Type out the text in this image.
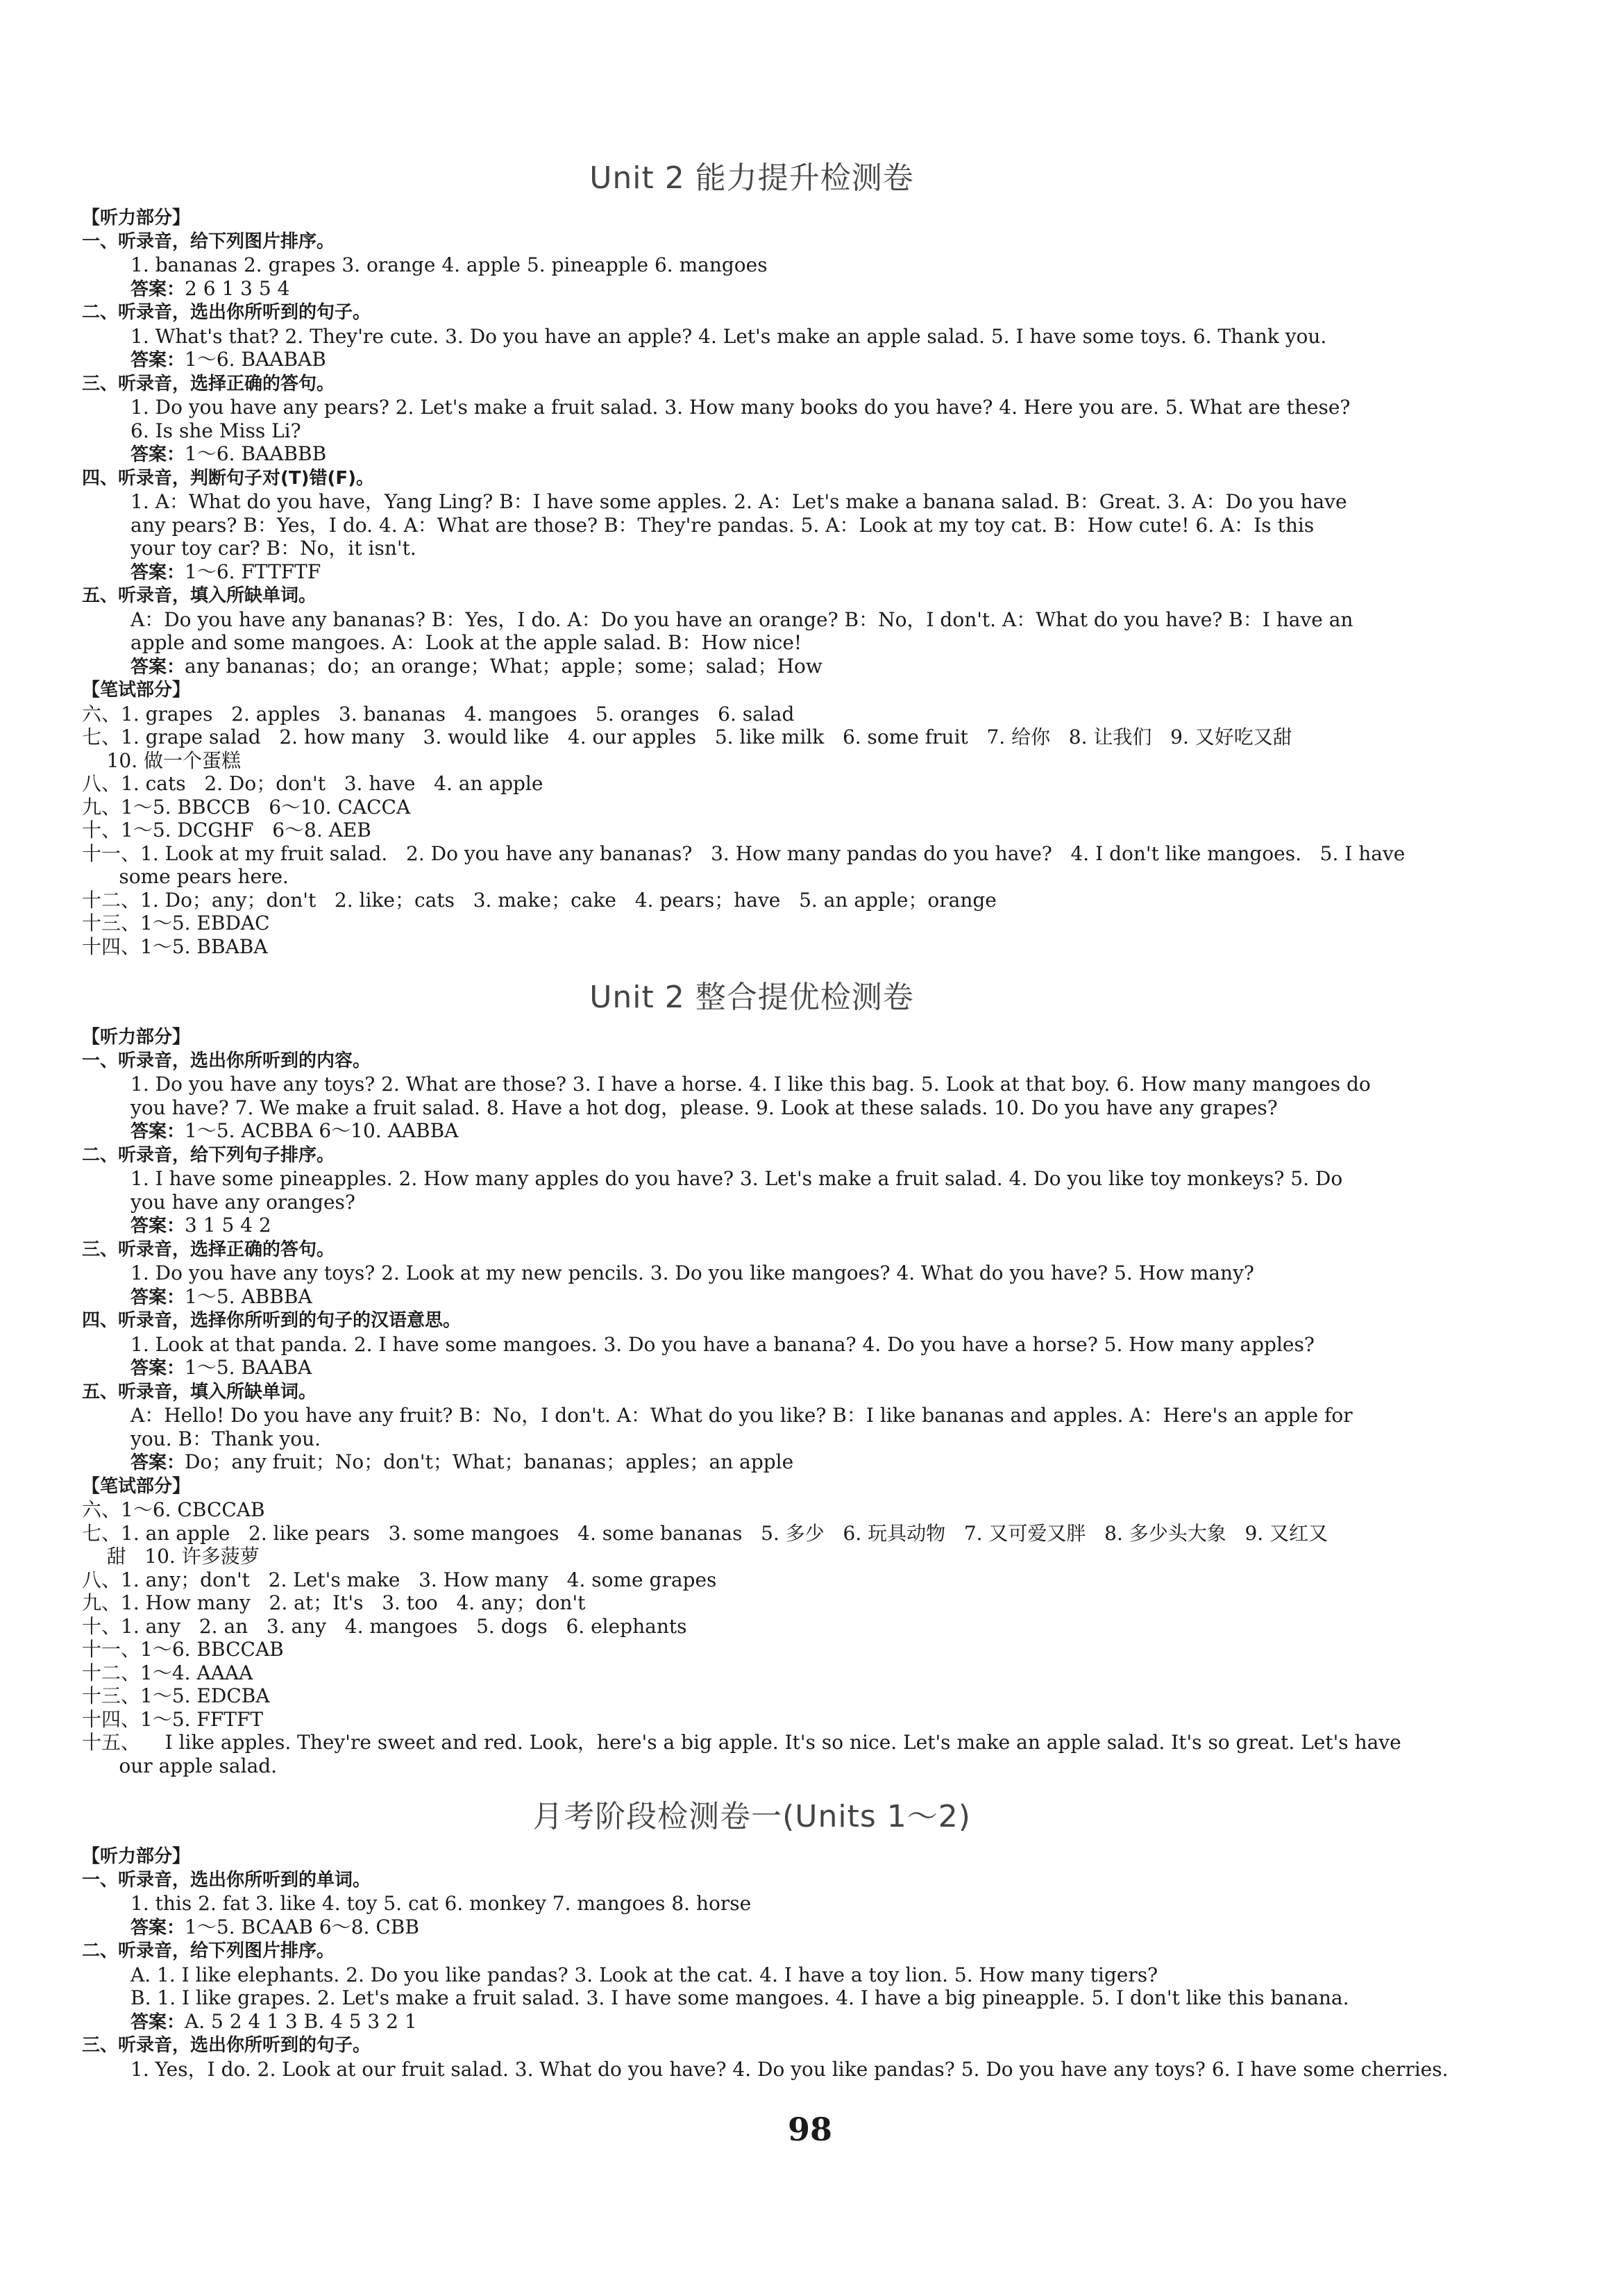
Unit 2 能力提升检测卷
【听力部分】
一、听录音，给下列图片排序。
1. bananas 2. grapes 3. orange 4. apple 5. pineapple 6. mangoes
答案：2 6 1 3 5 4
二、听录音，选出你所听到的句子。
1. What's that? 2. They're cute. 3. Do you have an apple? 4. Let's make an apple salad. 5. I have some toys. 6. Thank you.
答案：1～6. BAABAB
三、听录音，选择正确的答句。
1. Do you have any pears? 2. Let's make a fruit salad. 3. How many books do you have? 4. Here you are. 5. What are these?
6. Is she Miss Li?
答案：1～6. BAABBB
四、听录音，判断句子对(T)错(F)。
1. A：What do you have，Yang Ling? B：I have some apples. 2. A：Let's make a banana salad. B：Great. 3. A：Do you have
any pears? B：Yes，I do. 4. A：What are those? B：They're pandas. 5. A：Look at my toy cat. B：How cute! 6. A：Is this
your toy car? B：No，it isn't.
答案：1～6. FTTFTF
五、听录音，填入所缺单词。
A：Do you have any bananas? B：Yes，I do. A：Do you have an orange? B：No，I don't. A：What do you have? B：I have an
apple and some mangoes. A：Look at the apple salad. B：How nice!
答案：any bananas；do；an orange；What；apple；some；salad；How
【笔试部分】
六、1. grapes   2. apples   3. bananas   4. mangoes   5. oranges   6. salad
七、1. grape salad   2. how many   3. would like   4. our apples   5. like milk   6. some fruit   7. 给你   8. 让我们   9. 又好吃又甜
10. 做一个蛋糕
八、1. cats   2. Do；don't   3. have   4. an apple
九、1～5. BBCCB   6～10. CACCA
十、1～5. DCGHF   6～8. AEB
十一、1. Look at my fruit salad.   2. Do you have any bananas?   3. How many pandas do you have?   4. I don't like mangoes.   5. I have
some pears here.
十二、1. Do；any；don't   2. like；cats   3. make；cake   4. pears；have   5. an apple；orange
十三、1～5. EBDAC
十四、1～5. BBABA
Unit 2 整合提优检测卷
【听力部分】
一、听录音，选出你所听到的内容。
1. Do you have any toys? 2. What are those? 3. I have a horse. 4. I like this bag. 5. Look at that boy. 6. How many mangoes do
you have? 7. We make a fruit salad. 8. Have a hot dog，please. 9. Look at these salads. 10. Do you have any grapes?
答案：1～5. ACBBA 6～10. AABBA
二、听录音，给下列句子排序。
1. I have some pineapples. 2. How many apples do you have? 3. Let's make a fruit salad. 4. Do you like toy monkeys? 5. Do
you have any oranges?
答案：3 1 5 4 2
三、听录音，选择正确的答句。
1. Do you have any toys? 2. Look at my new pencils. 3. Do you like mangoes? 4. What do you have? 5. How many?
答案：1～5. ABBBA
四、听录音，选择你所听到的句子的汉语意思。
1. Look at that panda. 2. I have some mangoes. 3. Do you have a banana? 4. Do you have a horse? 5. How many apples?
答案：1～5. BAABA
五、听录音，填入所缺单词。
A：Hello! Do you have any fruit? B：No，I don't. A：What do you like? B：I like bananas and apples. A：Here's an apple for
you. B：Thank you.
答案：Do；any fruit；No；don't；What；bananas；apples；an apple
【笔试部分】
六、1～6. CBCCAB
七、1. an apple   2. like pears   3. some mangoes   4. some bananas   5. 多少   6. 玩具动物   7. 又可爱又胖   8. 多少头大象   9. 又红又
甜   10. 许多菠萝
八、1. any；don't   2. Let's make   3. How many   4. some grapes
九、1. How many   2. at；It's   3. too   4. any；don't
十、1. any   2. an   3. any   4. mangoes   5. dogs   6. elephants
十一、1～6. BBCCAB
十二、1～4. AAAA
十三、1～5. EDCBA
十四、1～5. FFTFT
十五、    I like apples. They're sweet and red. Look，here's a big apple. It's so nice. Let's make an apple salad. It's so great. Let's have
our apple salad.
月考阶段检测卷一(Units 1～2)
【听力部分】
一、听录音，选出你所听到的单词。
1. this 2. fat 3. like 4. toy 5. cat 6. monkey 7. mangoes 8. horse
答案：1～5. BCAAB 6～8. CBB
二、听录音，给下列图片排序。
A. 1. I like elephants. 2. Do you like pandas? 3. Look at the cat. 4. I have a toy lion. 5. How many tigers?
B. 1. I like grapes. 2. Let's make a fruit salad. 3. I have some mangoes. 4. I have a big pineapple. 5. I don't like this banana.
答案：A. 5 2 4 1 3 B. 4 5 3 2 1
三、听录音，选出你所听到的句子。
1. Yes，I do. 2. Look at our fruit salad. 3. What do you have? 4. Do you like pandas? 5. Do you have any toys? 6. I have some cherries.
98
